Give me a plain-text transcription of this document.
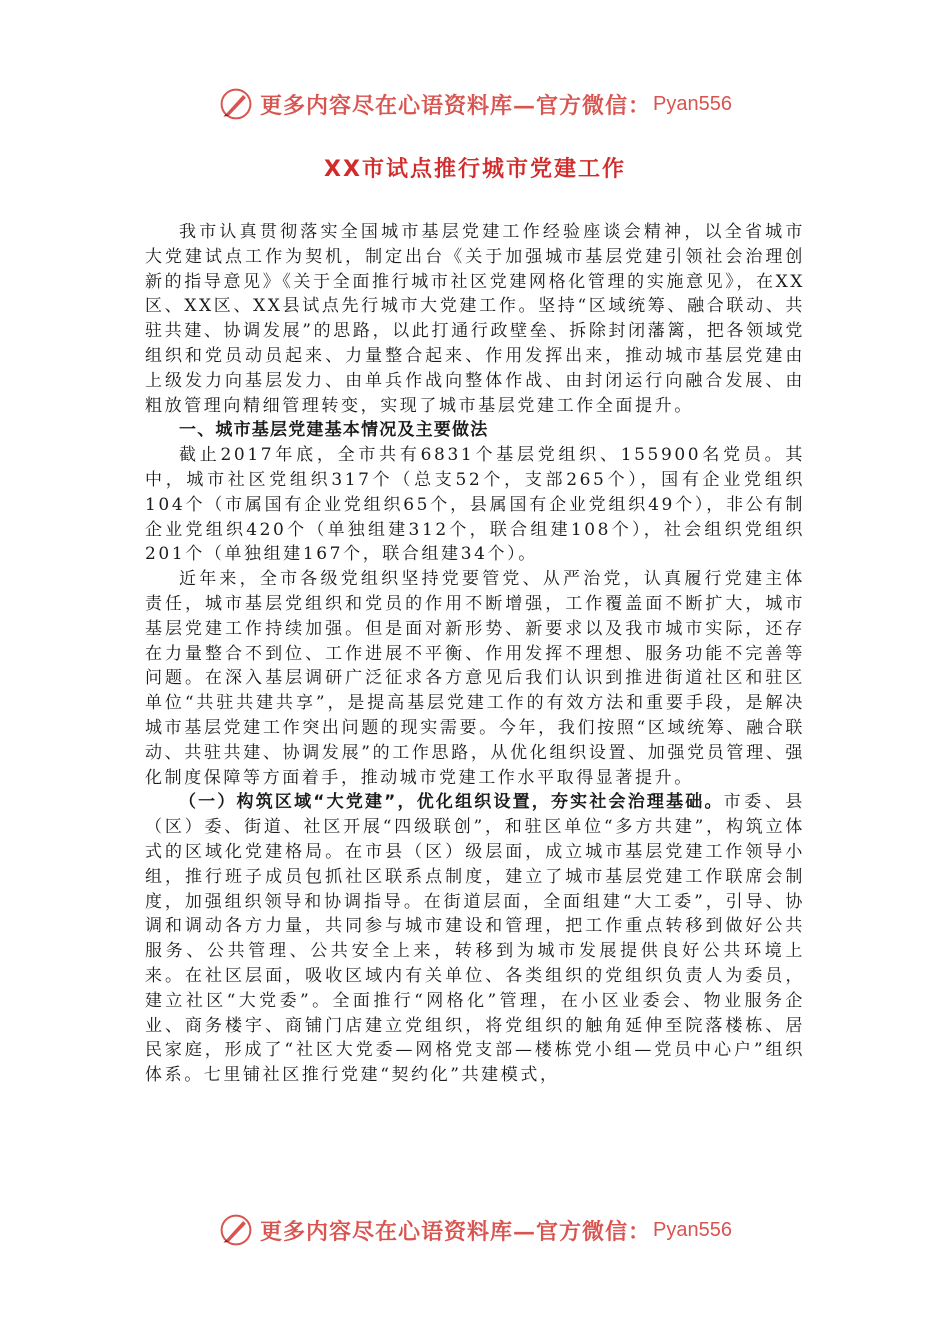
更多内容尽在心语资料库—官方微信： Pyan556
XX市试点推行城市党建工作

我市认真贯彻落实全国城市基层党建工作经验座谈会精神，以全省城市大党建试点工作为契机，制定出台《关于加强城市基层党建引领社会治理创新的指导意见》《关于全面推行城市社区党建网格化管理的实施意见》，在XX区、XX区、XX县试点先行城市大党建工作。坚持“区域统筹、融合联动、共驻共建、协调发展”的思路，以此打通行政壁垒、拆除封闭藩篱，把各领域党组织和党员动员起来、力量整合起来、作用发挥出来，推动城市基层党建由上级发力向基层发力、由单兵作战向整体作战、由封闭运行向融合发展、由粗放管理向精细管理转变，实现了城市基层党建工作全面提升。

一、城市基层党建基本情况及主要做法

截止2017年底，全市共有6831个基层党组织、155900名党员。其中，城市社区党组织317个（总支52个，支部265个），国有企业党组织104个（市属国有企业党组织65个，县属国有企业党组织49个），非公有制企业党组织420个（单独组建312个，联合组建108个），社会组织党组织201个（单独组建167个，联合组建34个）。

近年来，全市各级党组织坚持党要管党、从严治党，认真履行党建主体责任，城市基层党组织和党员的作用不断增强，工作覆盖面不断扩大，城市基层党建工作持续加强。但是面对新形势、新要求以及我市城市实际，还存在力量整合不到位、工作进展不平衡、作用发挥不理想、服务功能不完善等问题。在深入基层调研广泛征求各方意见后我们认识到推进街道社区和驻区单位“共驻共建共享”，是提高基层党建工作的有效方法和重要手段，是解决城市基层党建工作突出问题的现实需要。今年，我们按照“区域统筹、融合联动、共驻共建、协调发展”的工作思路，从优化组织设置、加强党员管理、强化制度保障等方面着手，推动城市党建工作水平取得显著提升。

（一）构筑区域“大党建”，优化组织设置，夯实社会治理基础。市委、县（区）委、街道、社区开展“四级联创”，和驻区单位“多方共建”，构筑立体式的区域化党建格局。在市县（区）级层面，成立城市基层党建工作领导小组，推行班子成员包抓社区联系点制度，建立了城市基层党建工作联席会制度，加强组织领导和协调指导。在街道层面，全面组建“大工委”，引导、协调和调动各方力量，共同参与城市建设和管理，把工作重点转移到做好公共服务、公共管理、公共安全上来，转移到为城市发展提供良好公共环境上来。在社区层面，吸收区域内有关单位、各类组织的党组织负责人为委员，建立社区“大党委”。全面推行“网格化”管理，在小区业委会、物业服务企业、商务楼宇、商铺门店建立党组织，将党组织的触角延伸至院落楼栋、居民家庭，形成了“社区大党委—网格党支部—楼栋党小组—党员中心户”组织体系。七里铺社区推行党建“契约化”共建模式，

更多内容尽在心语资料库—官方微信： Pyan556
